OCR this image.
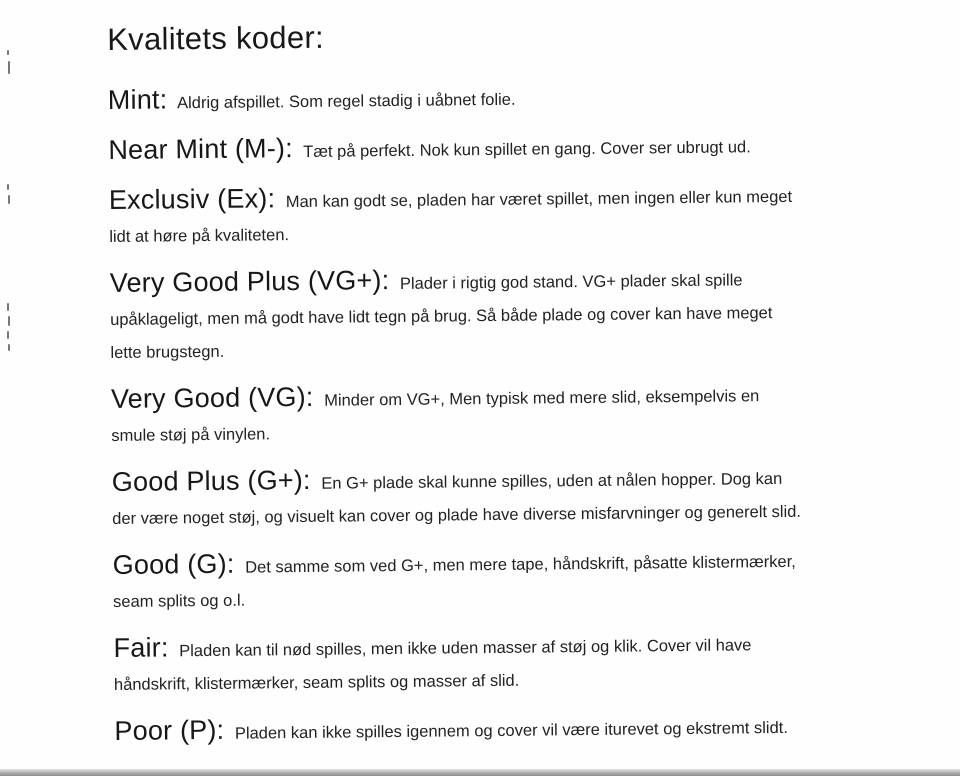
Kvalitets koder:

Mint: Aldrig afspillet. Som regel stadig i uåbnet folie.

Near Mint (M-): Tæt på perfekt. Nok kun spillet en gang. Cover ser ubrugt ud.

Exclusiv (Ex): Man kan godt se, pladen har været spillet, men ingen eller kun meget lidt at høre på kvaliteten.

Very Good Plus (VG+): Plader i rigtig god stand. VG+ plader skal spille upåklageligt, men må godt have lidt tegn på brug. Så både plade og cover kan have meget lette brugstegn.

Very Good (VG): Minder om VG+, Men typisk med mere slid, eksempelvis en smule støj på vinylen.

Good Plus (G+): En G+ plade skal kunne spilles, uden at nålen hopper. Dog kan der være noget støj, og visuelt kan cover og plade have diverse misfarvninger og generelt slid.

Good (G): Det samme som ved G+, men mere tape, håndskrift, påsatte klistermærker, seam splits og o.l.

Fair: Pladen kan til nød spilles, men ikke uden masser af støj og klik. Cover vil have håndskrift, klistermærker, seam splits og masser af slid.

Poor (P): Pladen kan ikke spilles igennem og cover vil være iturevet og ekstremt slidt.
